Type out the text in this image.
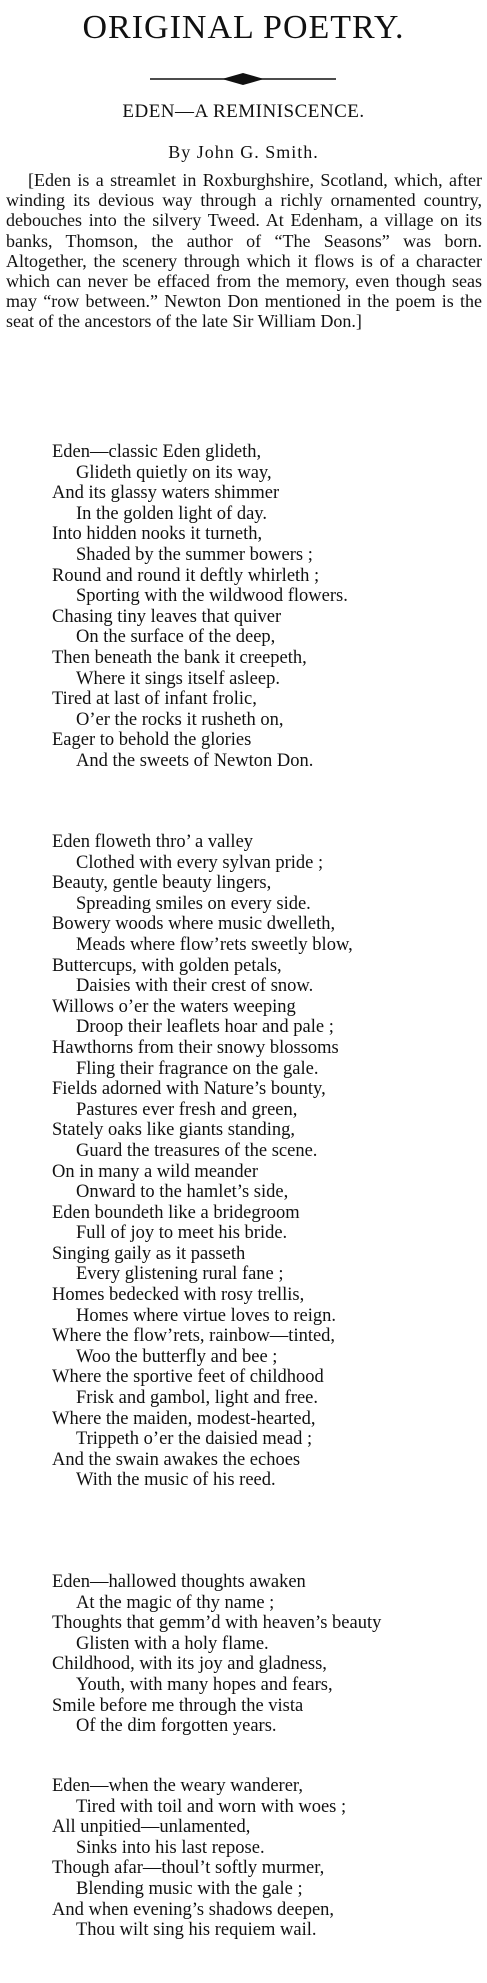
ORIGINAL POETRY.
EDEN—A REMINISCENCE.
By John G. Smith.

[Eden is a streamlet in Roxburghshire, Scotland, which, after winding its devious way through a richly ornamented country, debouches into the silvery Tweed. At Edenham, a village on its banks, Thomson, the author of “The Seasons” was born. Altogether, the scenery through which it flows is of a character which can never be effaced from the memory, even though seas may “row between.” Newton Don mentioned in the poem is the seat of the ancestors of the late Sir William Don.]

Eden—classic Eden glideth,
Glideth quietly on its way,
And its glassy waters shimmer
In the golden light of day.
Into hidden nooks it turneth,
Shaded by the summer bowers ;
Round and round it deftly whirleth ;
Sporting with the wildwood flowers.
Chasing tiny leaves that quiver
On the surface of the deep,
Then beneath the bank it creepeth,
Where it sings itself asleep.
Tired at last of infant frolic,
O’er the rocks it rusheth on,
Eager to behold the glories
And the sweets of Newton Don.
Eden floweth thro’ a valley
Clothed with every sylvan pride ;
Beauty, gentle beauty lingers,
Spreading smiles on every side.
Bowery woods where music dwelleth,
Meads where flow’rets sweetly blow,
Buttercups, with golden petals,
Daisies with their crest of snow.
Willows o’er the waters weeping
Droop their leaflets hoar and pale ;
Hawthorns from their snowy blossoms
Fling their fragrance on the gale.
Fields adorned with Nature’s bounty,
Pastures ever fresh and green,
Stately oaks like giants standing,
Guard the treasures of the scene.
On in many a wild meander
Onward to the hamlet’s side,
Eden boundeth like a bridegroom
Full of joy to meet his bride.
Singing gaily as it passeth
Every glistening rural fane ;
Homes bedecked with rosy trellis,
Homes where virtue loves to reign.
Where the flow’rets, rainbow—tinted,
Woo the butterfly and bee ;
Where the sportive feet of childhood
Frisk and gambol, light and free.
Where the maiden, modest-hearted,
Trippeth o’er the daisied mead ;
And the swain awakes the echoes
With the music of his reed.
Eden—hallowed thoughts awaken
At the magic of thy name ;
Thoughts that gemm’d with heaven’s beauty
Glisten with a holy flame.
Childhood, with its joy and gladness,
Youth, with many hopes and fears,
Smile before me through the vista
Of the dim forgotten years.
Eden—when the weary wanderer,
Tired with toil and worn with woes ;
All unpitied—unlamented,
Sinks into his last repose.
Though afar—thoul’t softly murmer,
Blending music with the gale ;
And when evening’s shadows deepen,
Thou wilt sing his requiem wail.
